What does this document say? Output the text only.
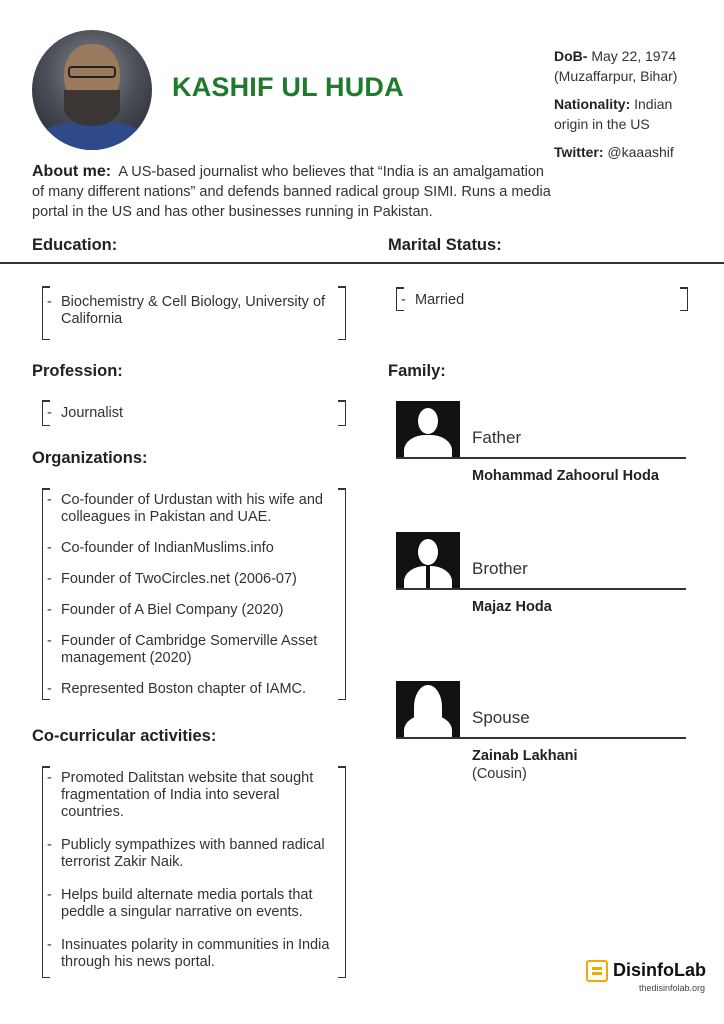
KASHIF UL HUDA

DoB- May 22, 1974
(Muzaffarpur, Bihar)

Nationality: Indian
origin in the US

Twitter: @kaaashif

About me: A US-based journalist who believes that “India is an amalgamation of many different nations” and defends banned radical group SIMI. Runs a media portal in the US and has other businesses running in Pakistan.
Education:
- Biochemistry & Cell Biology, University of California
Marital Status:
- Married
Profession:
- Journalist
Organizations:
- Co-founder of Urdustan with his wife and colleagues in Pakistan and UAE.
- Co-founder of IndianMuslims.info
- Founder of TwoCircles.net (2006-07)
- Founder of A Biel Company (2020)
- Founder of Cambridge Somerville Asset management (2020)
- Represented Boston chapter of IAMC.
Co-curricular activities:
- Promoted Dalitstan website that sought fragmentation of India into several countries.
- Publicly sympathizes with banned radical terrorist Zakir Naik.
- Helps build alternate media portals that peddle a singular narrative on events.
- Insinuates polarity in communities in India through his news portal.
Family:
Father
Mohammad Zahoorul Hoda
Brother
Majaz Hoda
Spouse
Zainab Lakhani
(Cousin)
DisinfoLab
thedisinfolab.org
